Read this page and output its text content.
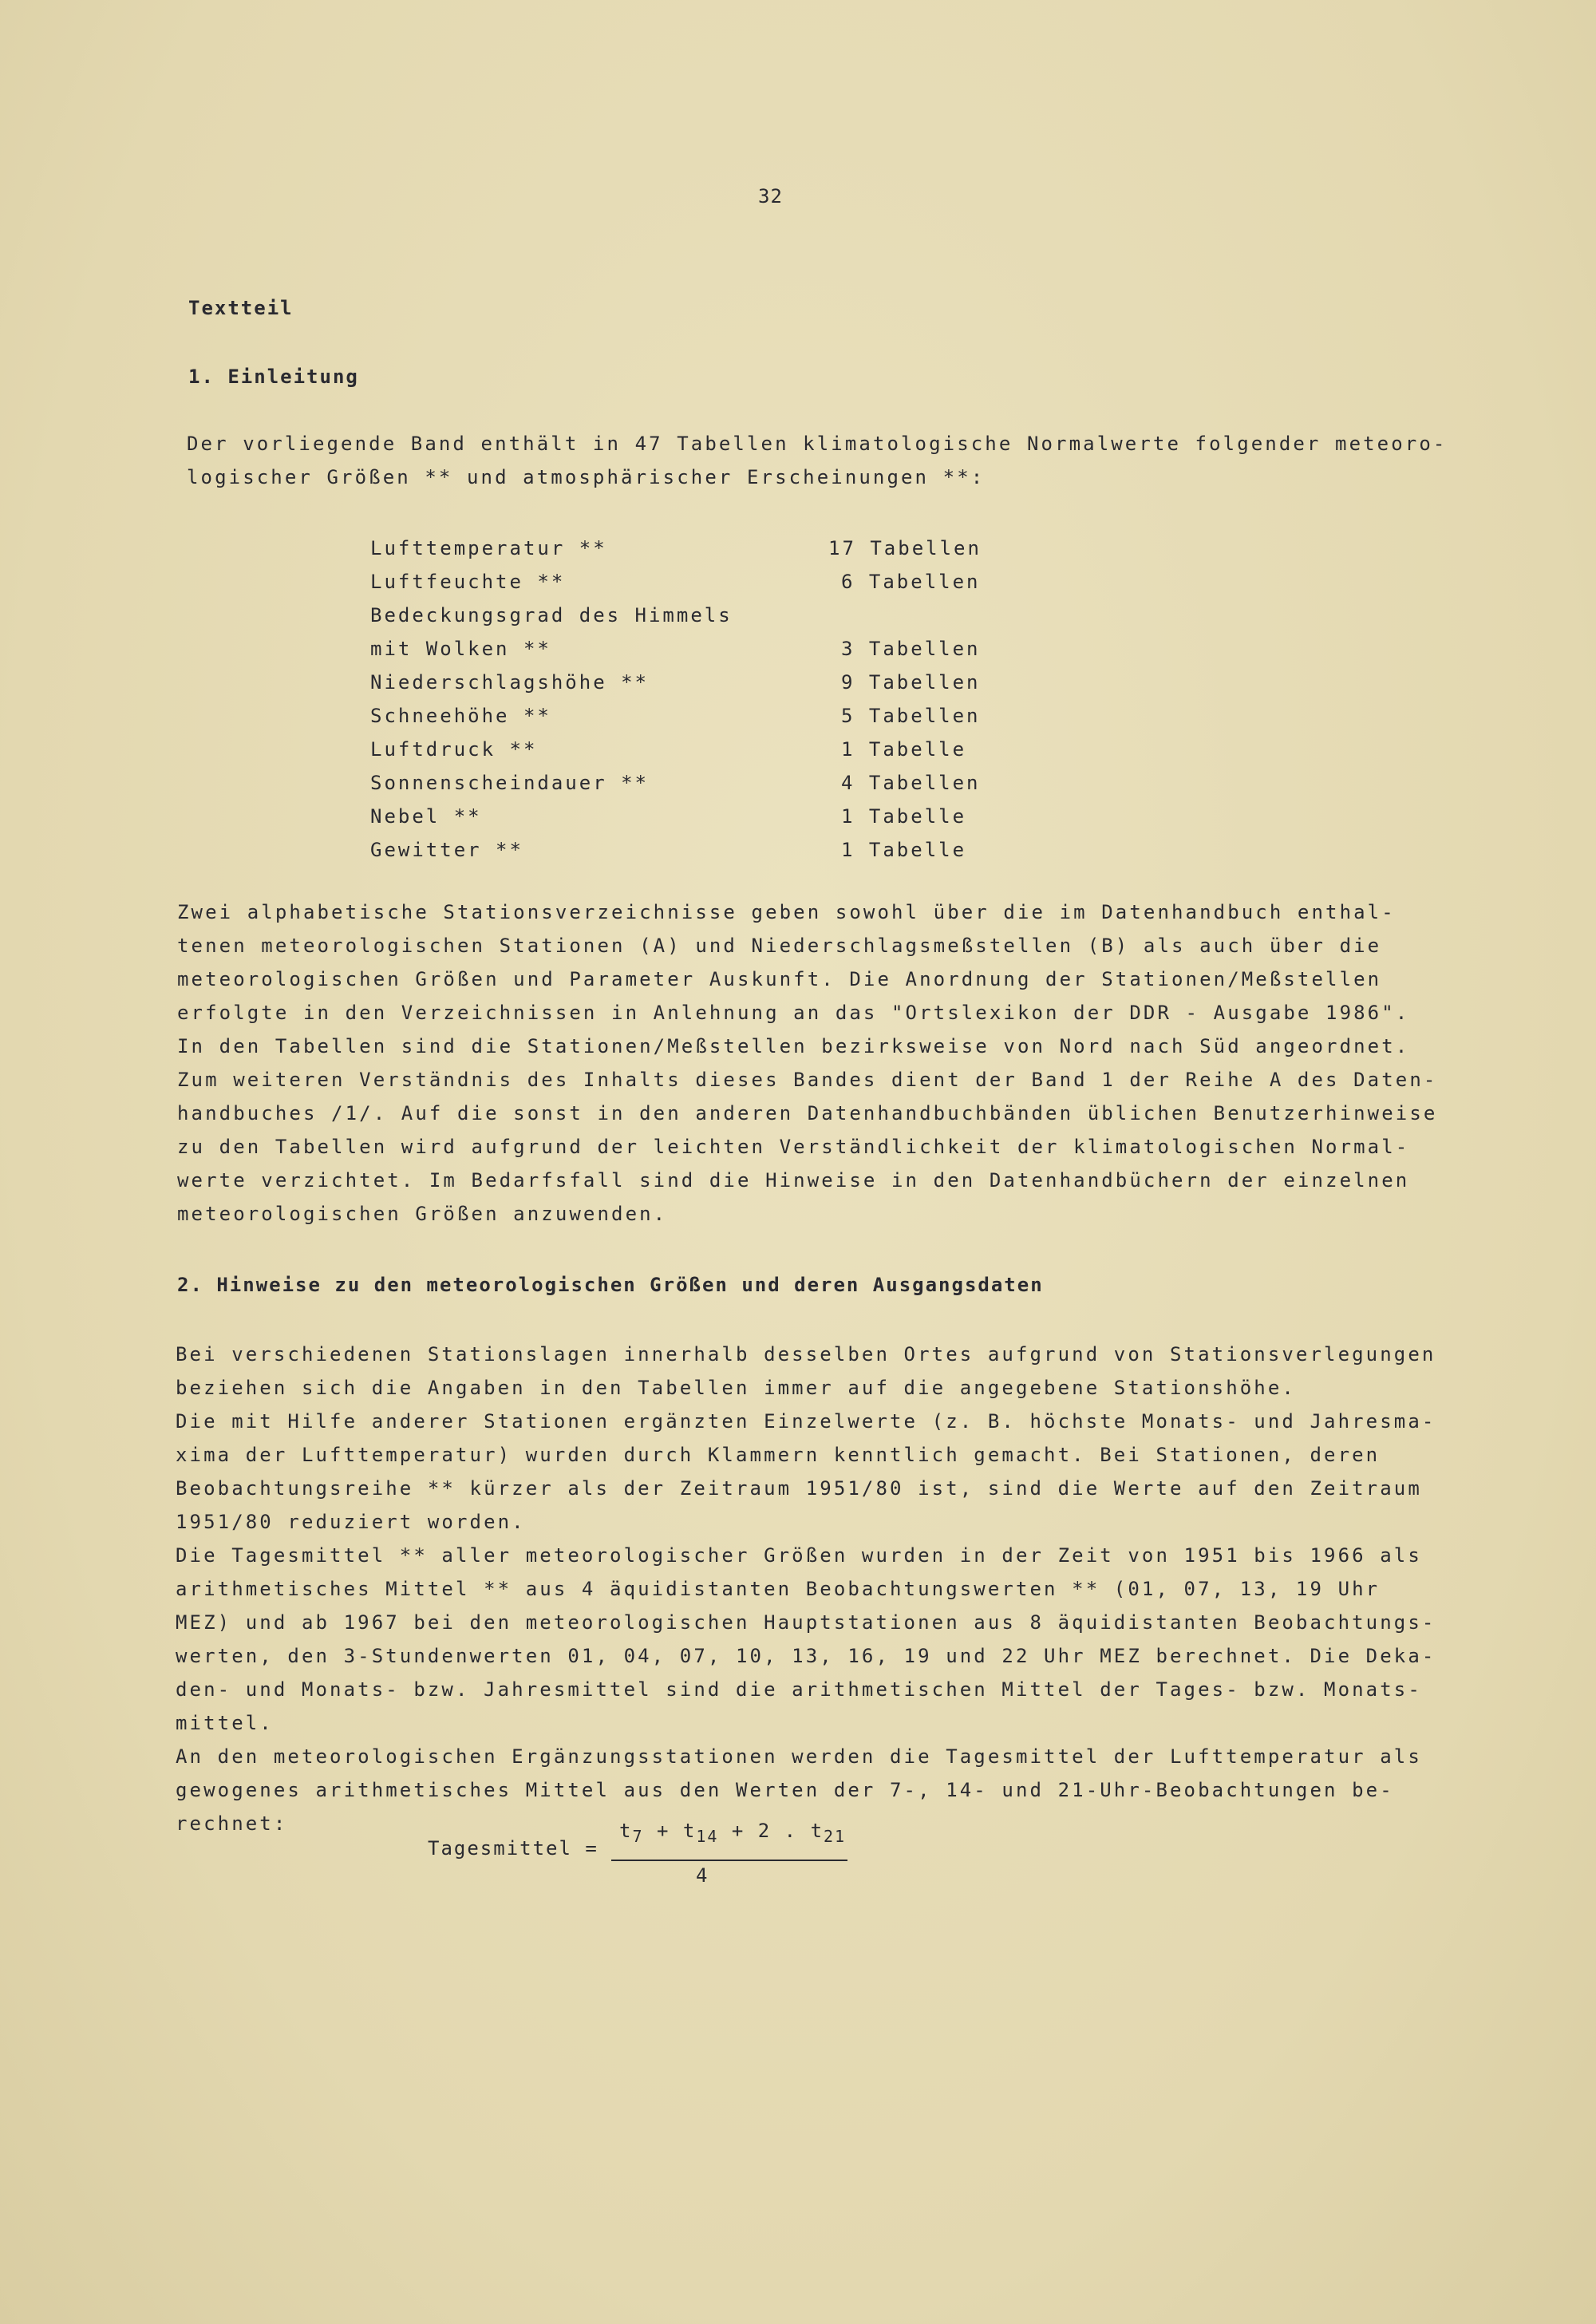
32
Textteil
1. Einleitung
Der vorliegende Band enthält in 47 Tabellen klimatologische Normalwerte folgender meteoro-
logischer Größen ** und atmosphärischer Erscheinungen **:
Lufttemperatur **	17 Tabellen
Luftfeuchte **	6 Tabellen
Bedeckungsgrad des Himmels
mit Wolken **	3 Tabellen
Niederschlagshöhe **	9 Tabellen
Schneehöhe **	5 Tabellen
Luftdruck **	1 Tabelle
Sonnenscheindauer **	4 Tabellen
Nebel **	1 Tabelle
Gewitter **	1 Tabelle
Zwei alphabetische Stationsverzeichnisse geben sowohl über die im Datenhandbuch enthal-
tenen meteorologischen Stationen (A) und Niederschlagsmeßstellen (B) als auch über die
meteorologischen Größen und Parameter Auskunft. Die Anordnung der Stationen/Meßstellen
erfolgte in den Verzeichnissen in Anlehnung an das "Ortslexikon der DDR - Ausgabe 1986".
In den Tabellen sind die Stationen/Meßstellen bezirksweise von Nord nach Süd angeordnet.
Zum weiteren Verständnis des Inhalts dieses Bandes dient der Band 1 der Reihe A des Daten-
handbuches /1/. Auf die sonst in den anderen Datenhandbuchbänden üblichen Benutzerhinweise
zu den Tabellen wird aufgrund der leichten Verständlichkeit der klimatologischen Normal-
werte verzichtet. Im Bedarfsfall sind die Hinweise in den Datenhandbüchern der einzelnen
meteorologischen Größen anzuwenden.
2. Hinweise zu den meteorologischen Größen und deren Ausgangsdaten
Bei verschiedenen Stationslagen innerhalb desselben Ortes aufgrund von Stationsverlegungen
beziehen sich die Angaben in den Tabellen immer auf die angegebene Stationshöhe.
Die mit Hilfe anderer Stationen ergänzten Einzelwerte (z. B. höchste Monats- und Jahresma-
xima der Lufttemperatur) wurden durch Klammern kenntlich gemacht. Bei Stationen, deren
Beobachtungsreihe ** kürzer als der Zeitraum 1951/80 ist, sind die Werte auf den Zeitraum
1951/80 reduziert worden.
Die Tagesmittel ** aller meteorologischer Größen wurden in der Zeit von 1951 bis 1966 als
arithmetisches Mittel ** aus 4 äquidistanten Beobachtungswerten ** (01, 07, 13, 19 Uhr
MEZ) und ab 1967 bei den meteorologischen Hauptstationen aus 8 äquidistanten Beobachtungs-
werten, den 3-Stundenwerten 01, 04, 07, 10, 13, 16, 19 und 22 Uhr MEZ berechnet. Die Deka-
den- und Monats- bzw. Jahresmittel sind die arithmetischen Mittel der Tages- bzw. Monats-
mittel.
An den meteorologischen Ergänzungsstationen werden die Tagesmittel der Lufttemperatur als
gewogenes arithmetisches Mittel aus den Werten der 7-, 14- und 21-Uhr-Beobachtungen be-
rechnet:
Tagesmittel =
$t_7 + t_{14} + 2$ . $t_{21}$
4
